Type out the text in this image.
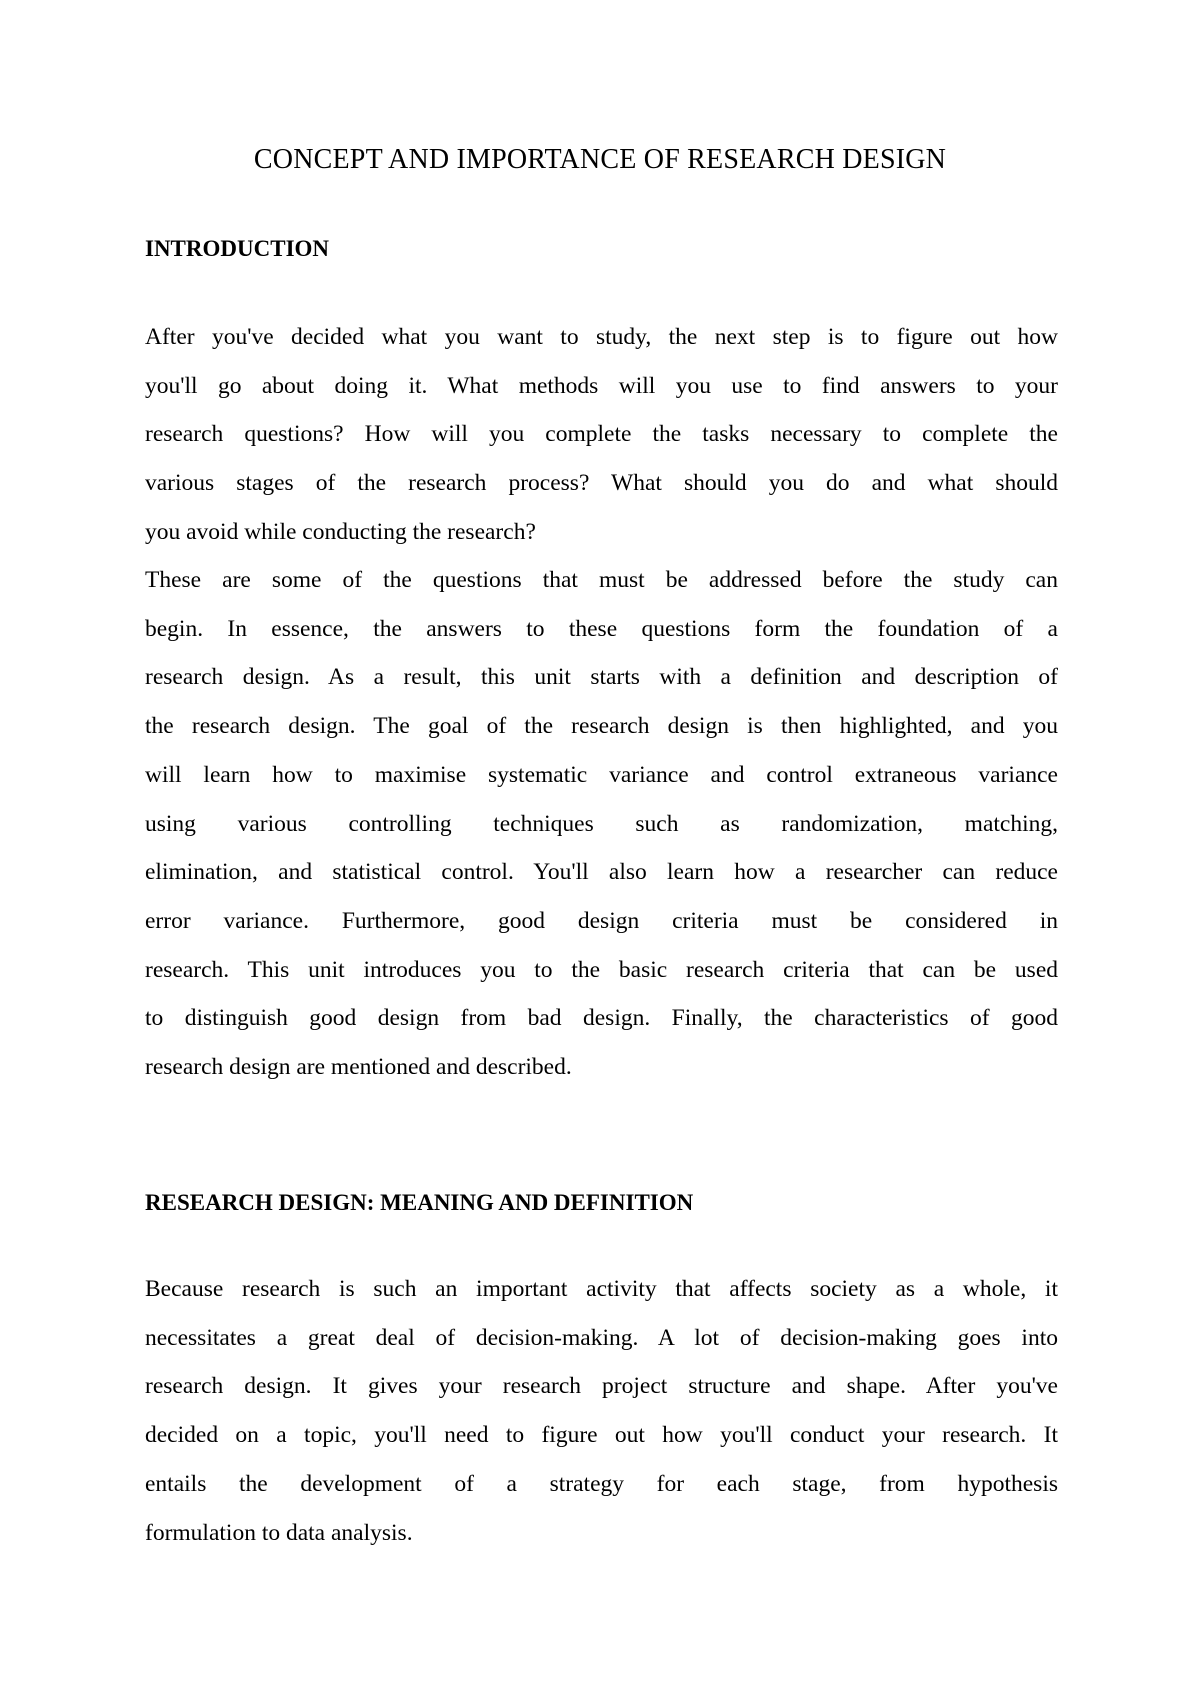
CONCEPT AND IMPORTANCE OF RESEARCH DESIGN
INTRODUCTION

After you've decided what you want to study, the next step is to figure out how
you'll go about doing it. What methods will you use to find answers to your
research questions? How will you complete the tasks necessary to complete the
various stages of the research process? What should you do and what should
you avoid while conducting the research?

These are some of the questions that must be addressed before the study can
begin. In essence, the answers to these questions form the foundation of a
research design. As a result, this unit starts with a definition and description of
the research design. The goal of the research design is then highlighted, and you
will learn how to maximise systematic variance and control extraneous variance
using various controlling techniques such as randomization, matching,
elimination, and statistical control. You'll also learn how a researcher can reduce
error variance. Furthermore, good design criteria must be considered in
research. This unit introduces you to the basic research criteria that can be used
to distinguish good design from bad design. Finally, the characteristics of good
research design are mentioned and described.

RESEARCH DESIGN: MEANING AND DEFINITION

Because research is such an important activity that affects society as a whole, it
necessitates a great deal of decision-making. A lot of decision-making goes into
research design. It gives your research project structure and shape. After you've
decided on a topic, you'll need to figure out how you'll conduct your research. It
entails the development of a strategy for each stage, from hypothesis
formulation to data analysis.
